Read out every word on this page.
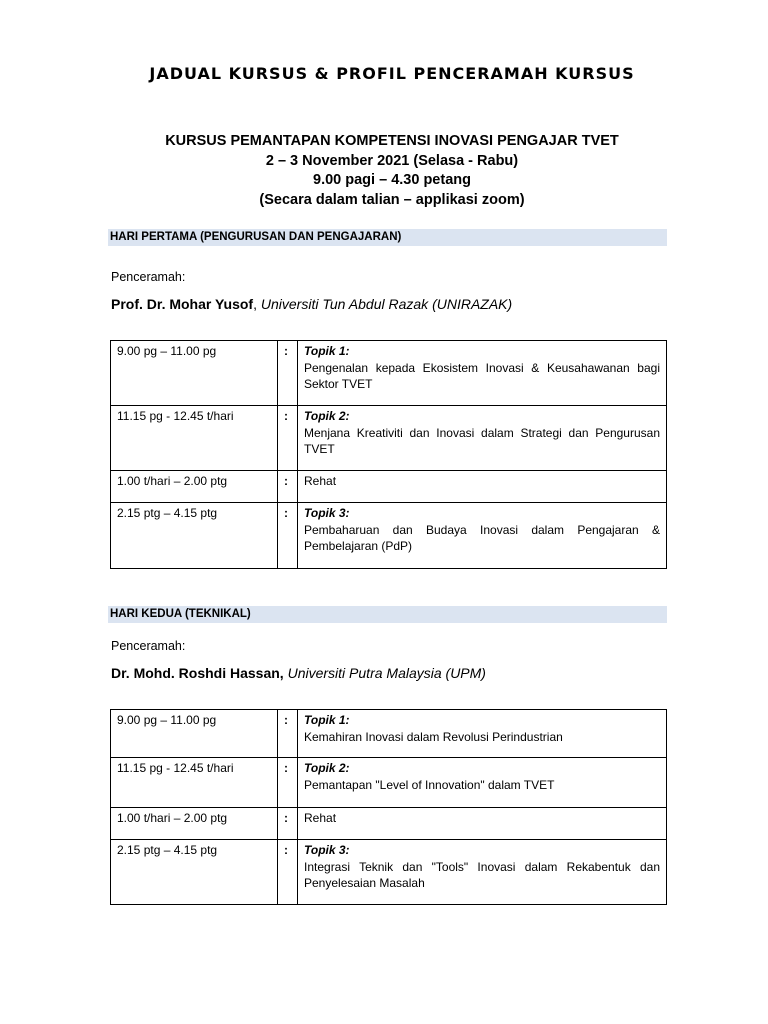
JADUAL KURSUS & PROFIL PENCERAMAH KURSUS
KURSUS PEMANTAPAN KOMPETENSI INOVASI PENGAJAR TVET
2 – 3 November 2021 (Selasa - Rabu)
9.00 pagi – 4.30 petang
(Secara dalam talian – applikasi zoom)
HARI PERTAMA (PENGURUSAN DAN PENGAJARAN)
Penceramah:
Prof. Dr. Mohar Yusof, Universiti Tun Abdul Razak (UNIRAZAK)
9.00 pg – 11.00 pg	:	Topik 1:
Pengenalan kepada Ekosistem Inovasi & Keusahawanan bagi Sektor TVET

11.15 pg - 12.45 t/hari	:	Topik 2:
Menjana Kreativiti dan Inovasi dalam Strategi dan Pengurusan TVET

1.00 t/hari – 2.00 ptg	:	Rehat

2.15 ptg – 4.15 ptg	:	Topik 3:
Pembaharuan dan Budaya Inovasi dalam Pengajaran & Pembelajaran (PdP)
HARI KEDUA (TEKNIKAL)
Penceramah:
Dr. Mohd. Roshdi Hassan, Universiti Putra Malaysia (UPM)
9.00 pg – 11.00 pg	:	Topik 1:
Kemahiran Inovasi dalam Revolusi Perindustrian

11.15 pg - 12.45 t/hari	:	Topik 2:
Pemantapan "Level of Innovation" dalam TVET

1.00 t/hari – 2.00 ptg	:	Rehat

2.15 ptg – 4.15 ptg	:	Topik 3:
Integrasi Teknik dan "Tools" Inovasi dalam Rekabentuk dan Penyelesaian Masalah
